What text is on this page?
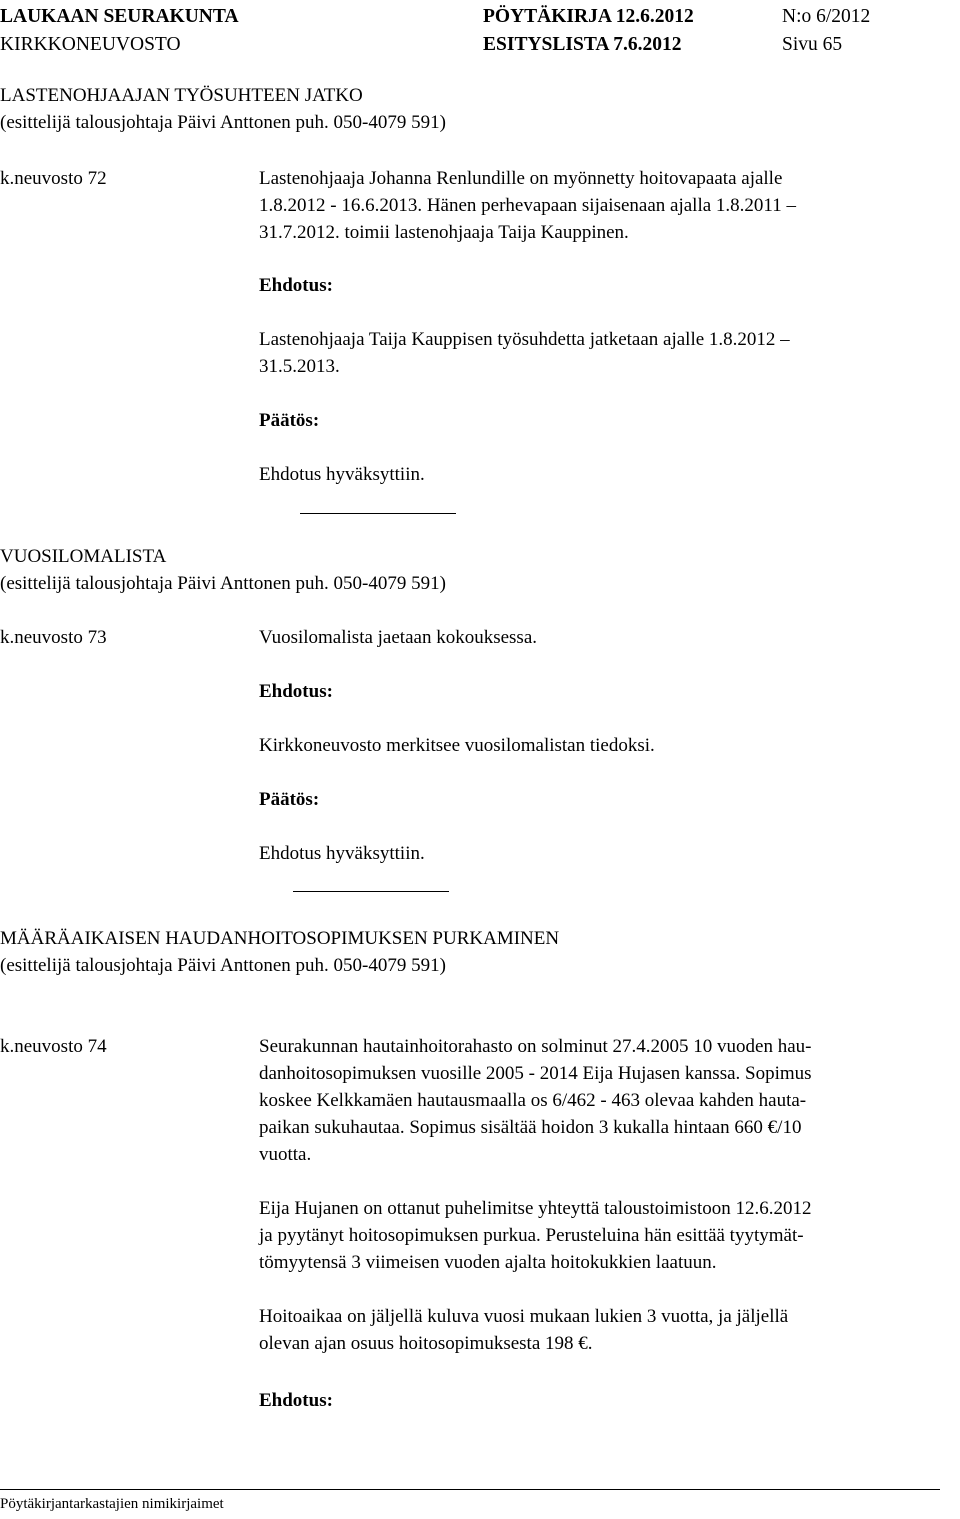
LAUKAAN SEURAKUNTA
KIRKKONEUVOSTO
PÖYTÄKIRJA 12.6.2012
ESITYSLISTA 7.6.2012
N:o 6/2012
Sivu 65
LASTENOHJAAJAN TYÖSUHTEEN JATKO
(esittelijä talousjohtaja Päivi Anttonen puh. 050-4079 591)
k.neuvosto 72	Lastenohjaaja Johanna Renlundille on myönnetty hoitovapaata ajalle
1.8.2012 - 16.6.2013. Hänen perhevapaan sijaisenaan ajalla 1.8.2011 –
31.7.2012. toimii lastenohjaaja Taija Kauppinen.
Ehdotus:
Lastenohjaaja Taija Kauppisen työsuhdetta jatketaan ajalle 1.8.2012 –
31.5.2013.
Päätös:
Ehdotus hyväksyttiin.
VUOSILOMALISTA
(esittelijä talousjohtaja Päivi Anttonen puh. 050-4079 591)
k.neuvosto 73	Vuosilomalista jaetaan kokouksessa.
Ehdotus:
Kirkkoneuvosto merkitsee vuosilomalistan tiedoksi.
Päätös:
Ehdotus hyväksyttiin.
MÄÄRÄAIKAISEN HAUDANHOITOSOPIMUKSEN PURKAMINEN
(esittelijä talousjohtaja Päivi Anttonen puh. 050-4079 591)
k.neuvosto 74	Seurakunnan hautainhoitorahasto on solminut 27.4.2005 10 vuoden hau-
danhoitosopimuksen vuosille 2005 - 2014 Eija Hujasen kanssa. Sopimus
koskee Kelkkamäen hautausmaalla os 6/462 - 463 olevaa kahden hauta-
paikan sukuhautaa. Sopimus sisältää hoidon 3 kukalla hintaan 660 €/10
vuotta.
Eija Hujanen on ottanut puhelimitse yhteyttä taloustoimistoon 12.6.2012
ja pyytänyt hoitosopimuksen purkua. Perusteluina hän esittää tyytymät-
tömyytensä 3 viimeisen vuoden ajalta hoitokukkien laatuun.
Hoitoaikaa on jäljellä kuluva vuosi mukaan lukien 3 vuotta, ja jäljellä
olevan ajan osuus hoitosopimuksesta 198 €.
Ehdotus:
Pöytäkirjantarkastajien nimikirjaimet
